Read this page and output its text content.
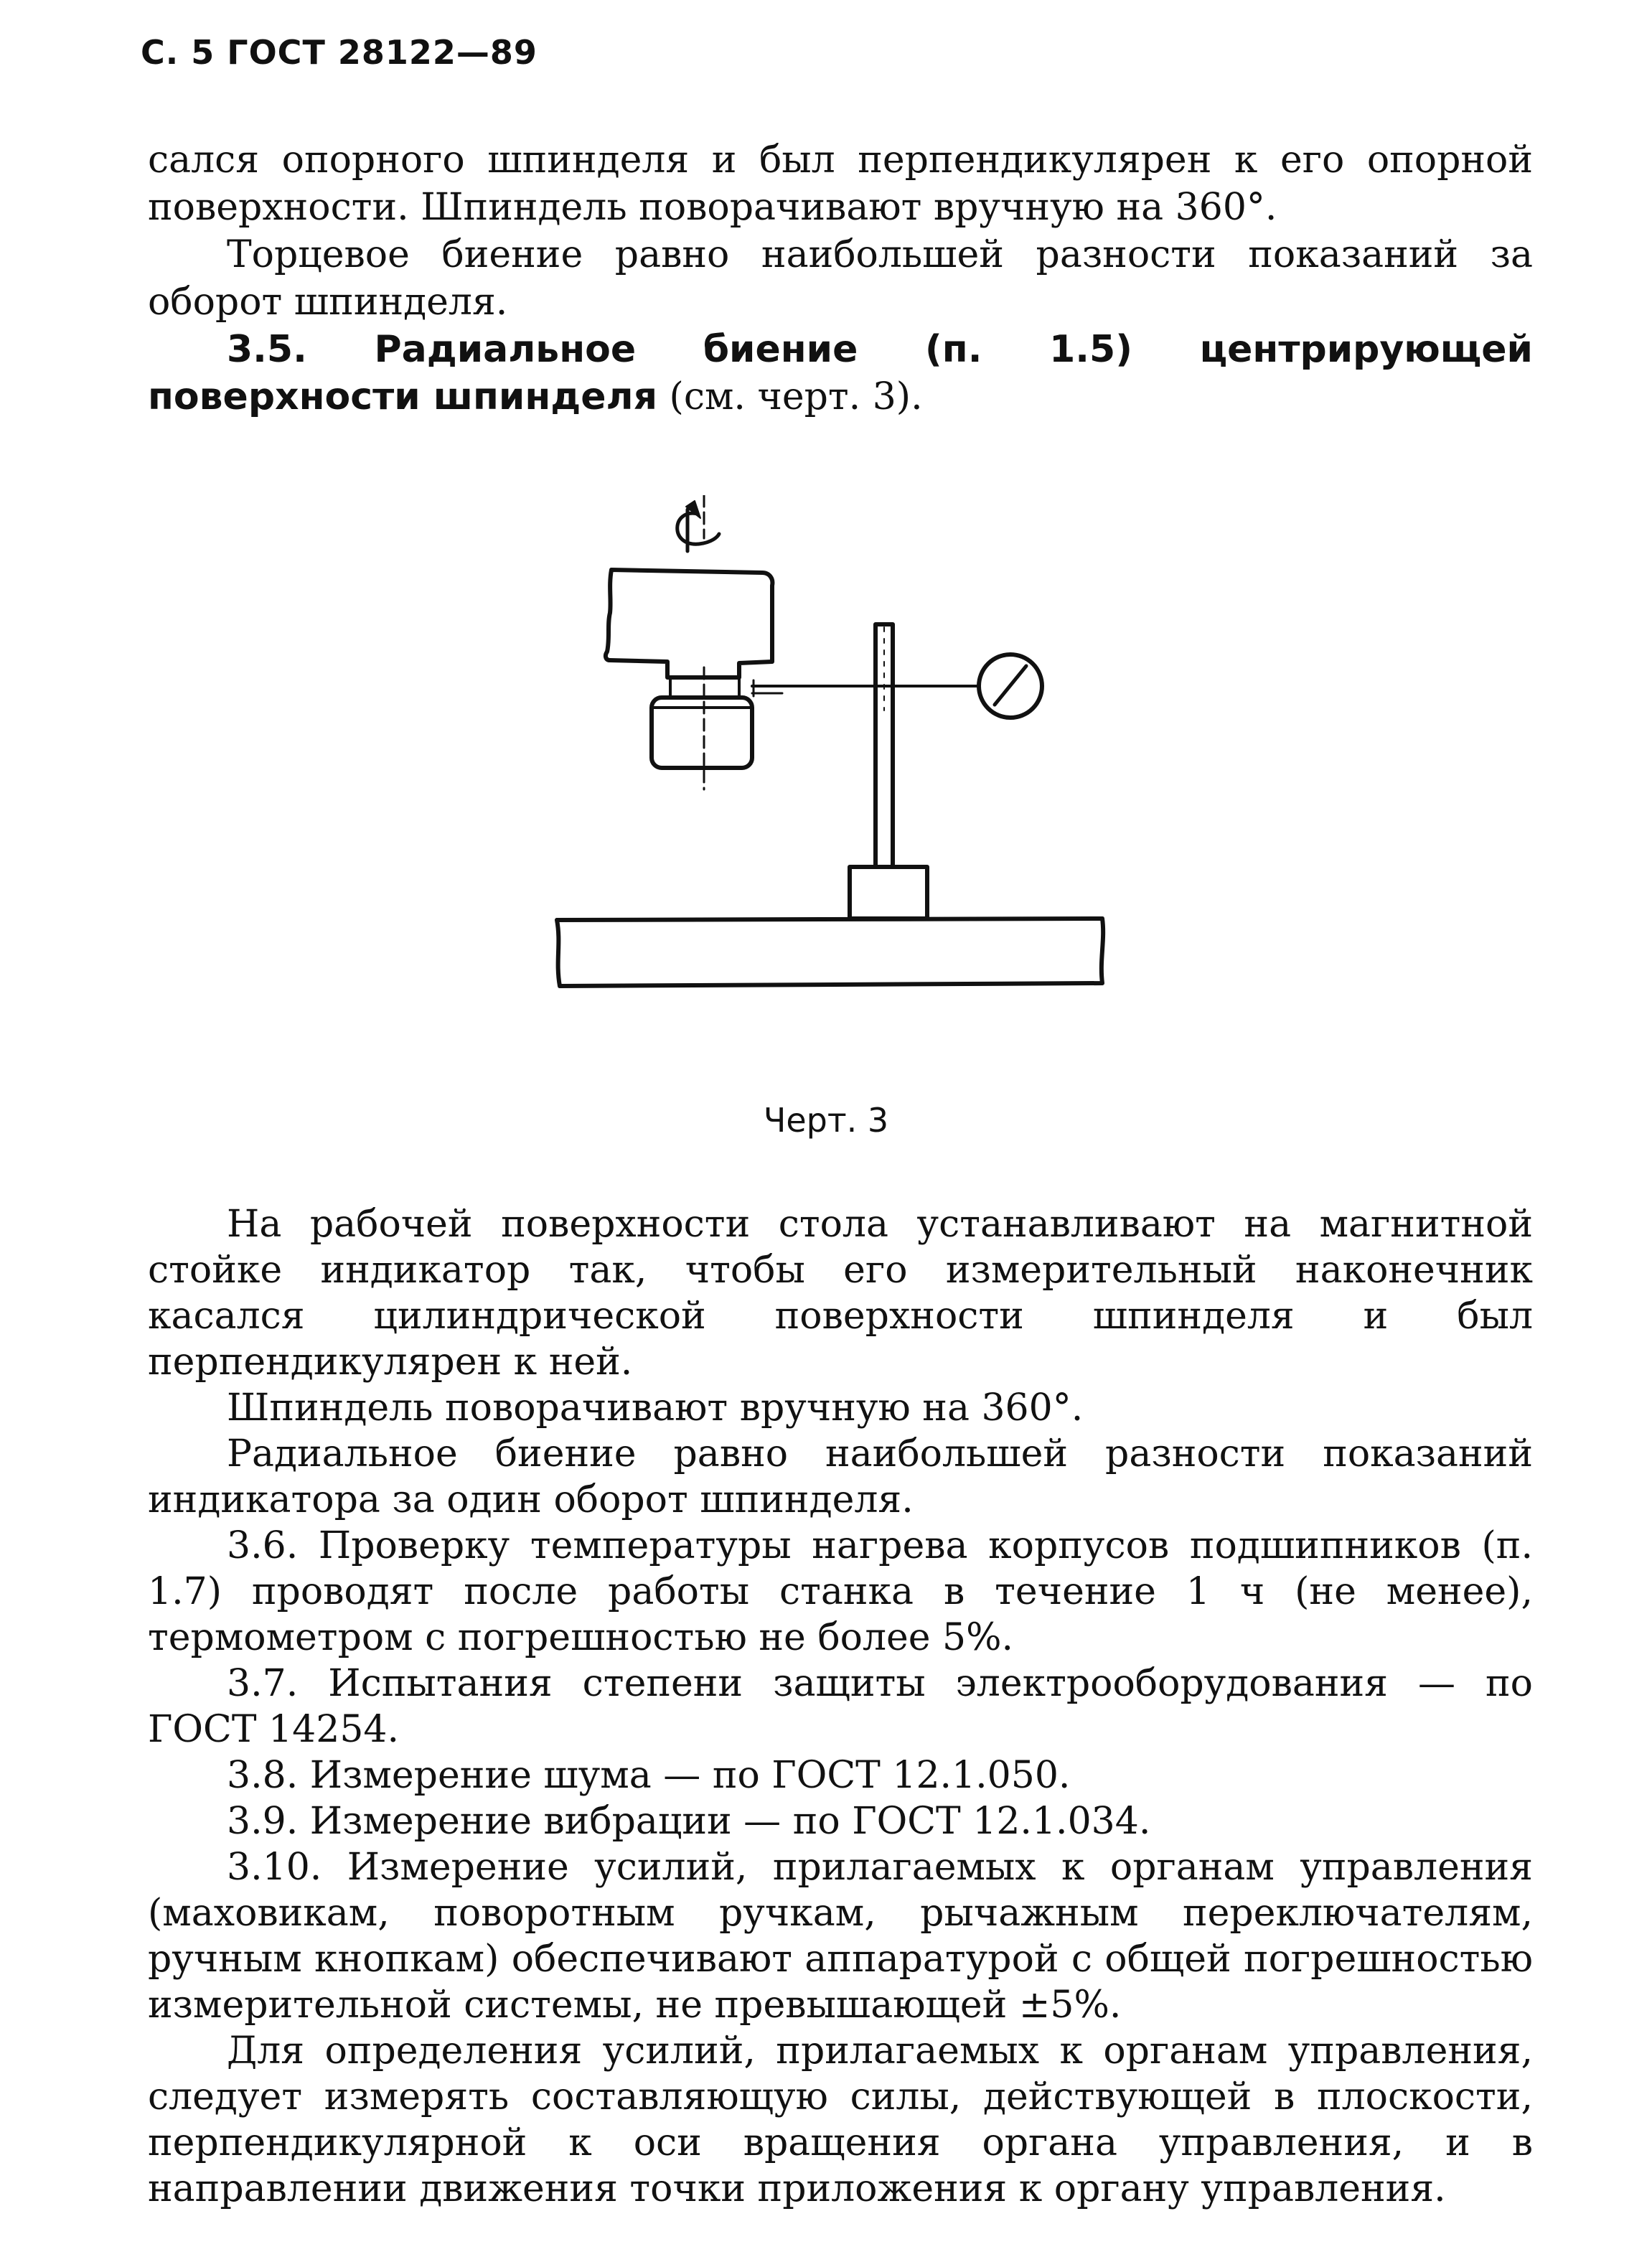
С. 5 ГОСТ 28122—89

сался опорного шпинделя и был перпендикулярен к его опорной поверхности. Шпиндель поворачивают вручную на 360°.

Торцевое биение равно наибольшей разности показаний за оборот шпинделя.

3.5. Радиальное биение (п. 1.5) центрирующей поверхности шпинделя (см. черт. 3).

Черт. 3

На рабочей поверхности стола устанавливают на магнитной стойке индикатор так, чтобы его измерительный наконечник касался цилиндрической поверхности шпинделя и был перпендикулярен к ней.

Шпиндель поворачивают вручную на 360°.

Радиальное биение равно наибольшей разности показаний индикатора за один оборот шпинделя.

3.6. Проверку температуры нагрева корпусов подшипников (п. 1.7) проводят после работы станка в течение 1 ч (не менее), термометром с погрешностью не более 5%.

3.7. Испытания степени защиты электрооборудования — по ГОСТ 14254.

3.8. Измерение шума — по ГОСТ 12.1.050.

3.9. Измерение вибрации — по ГОСТ 12.1.034.

3.10. Измерение усилий, прилагаемых к органам управления (маховикам, поворотным ручкам, рычажным переключателям, ручным кнопкам) обеспечивают аппаратурой с общей погрешностью измерительной системы, не превышающей ±5%.

Для определения усилий, прилагаемых к органам управления, следует измерять составляющую силы, действующей в плоскости, перпендикулярной к оси вращения органа управления, и в направлении движения точки приложения к органу управления.
